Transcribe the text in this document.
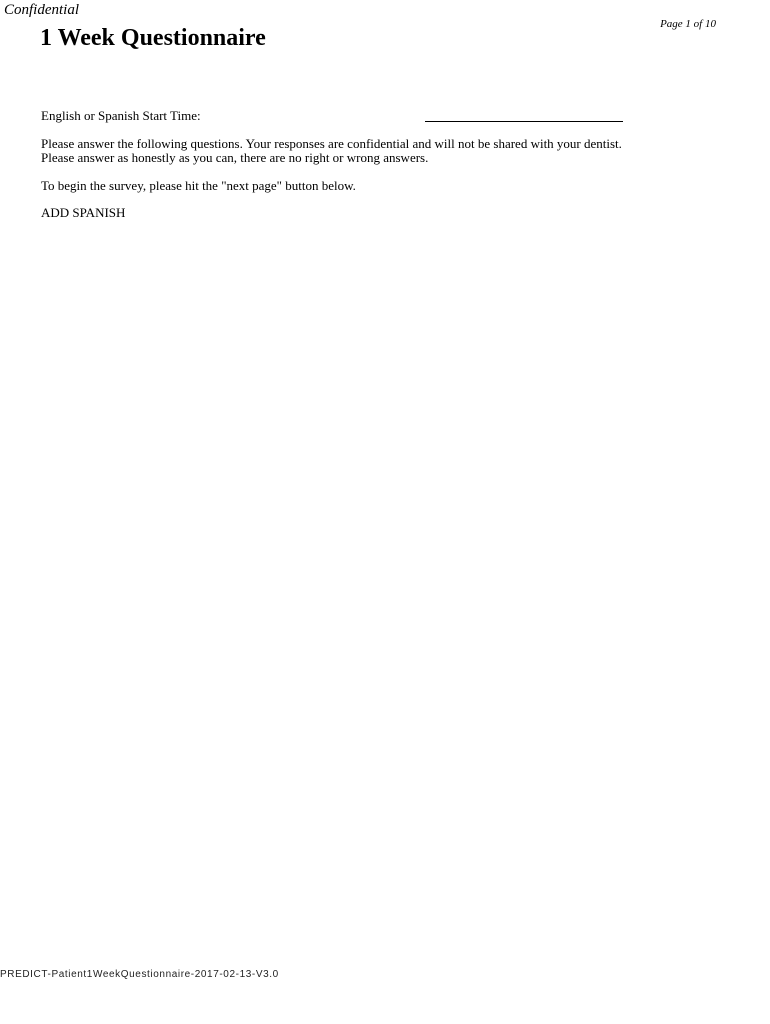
Confidential
Page 1 of 10
1 Week Questionnaire
English or Spanish Start Time:
Please answer the following questions. Your responses are confidential and will not be shared with your dentist.
Please answer as honestly as you can, there are no right or wrong answers.
To begin the survey, please hit the "next page" button below.
ADD SPANISH
PREDICT-Patient1WeekQuestionnaire-2017-02-13-V3.0
